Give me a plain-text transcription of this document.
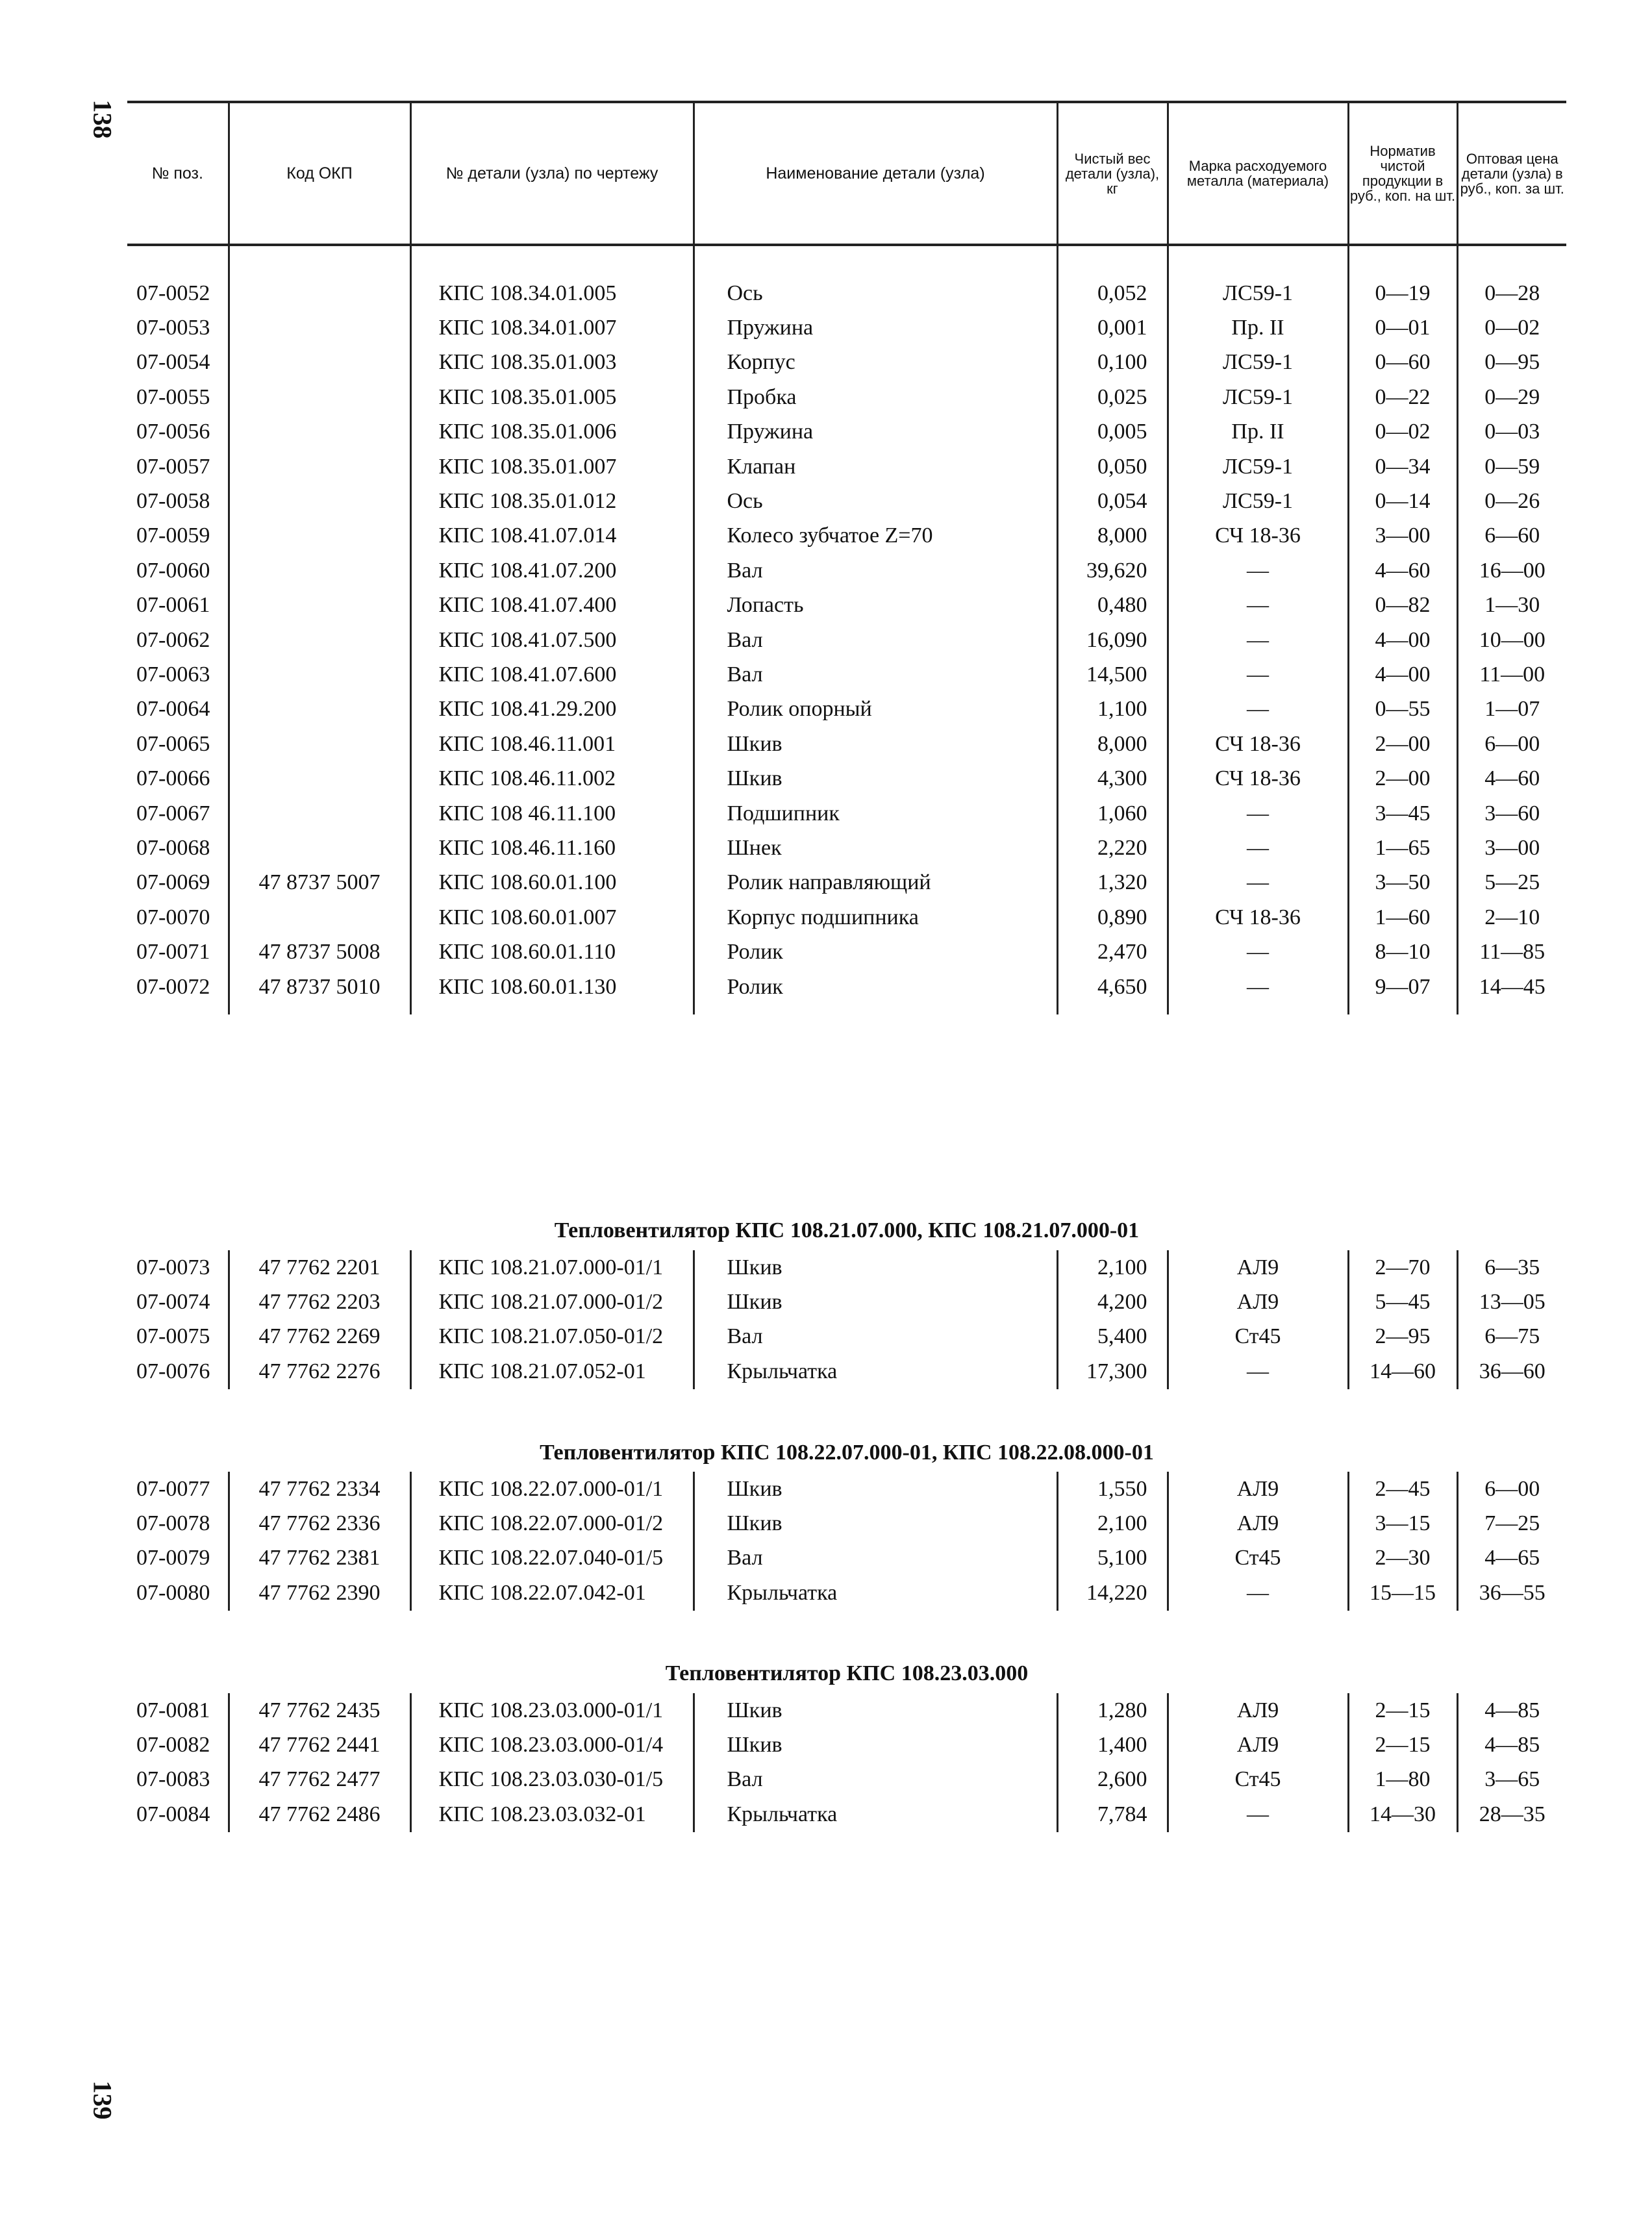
138
139
№ поз.	Код ОКП	№ детали (узла) по чертежу	Наименование детали (узла)	Чистый вес детали (узла), кг	Марка расходуемого металла (материала)	Норматив чистой продукции в руб., коп. на шт.	Оптовая цена детали (узла) в руб., коп. за шт.

07-0052		КПС 108.34.01.005	Ось	0,052	ЛС59-1	0—19	0—28
07-0053		КПС 108.34.01.007	Пружина	0,001	Пр. II	0—01	0—02
07-0054		КПС 108.35.01.003	Корпус	0,100	ЛС59-1	0—60	0—95
07-0055		КПС 108.35.01.005	Пробка	0,025	ЛС59-1	0—22	0—29
07-0056		КПС 108.35.01.006	Пружина	0,005	Пр. II	0—02	0—03
07-0057		КПС 108.35.01.007	Клапан	0,050	ЛС59-1	0—34	0—59
07-0058		КПС 108.35.01.012	Ось	0,054	ЛС59-1	0—14	0—26
07-0059		КПС 108.41.07.014	Колесо зубчатое Z=70	8,000	СЧ 18-36	3—00	6—60
07-0060		КПС 108.41.07.200	Вал	39,620	—	4—60	16—00
07-0061		КПС 108.41.07.400	Лопасть	0,480	—	0—82	1—30
07-0062		КПС 108.41.07.500	Вал	16,090	—	4—00	10—00
07-0063		КПС 108.41.07.600	Вал	14,500	—	4—00	11—00
07-0064		КПС 108.41.29.200	Ролик опорный	1,100	—	0—55	1—07
07-0065		КПС 108.46.11.001	Шкив	8,000	СЧ 18-36	2—00	6—00
07-0066		КПС 108.46.11.002	Шкив	4,300	СЧ 18-36	2—00	4—60
07-0067		КПС 108 46.11.100	Подшипник	1,060	—	3—45	3—60
07-0068		КПС 108.46.11.160	Шнек	2,220	—	1—65	3—00
07-0069	47 8737 5007	КПС 108.60.01.100	Ролик направляющий	1,320	—	3—50	5—25
07-0070		КПС 108.60.01.007	Корпус подшипника	0,890	СЧ 18-36	1—60	2—10
07-0071	47 8737 5008	КПС 108.60.01.110	Ролик	2,470	—	8—10	11—85
07-0072	47 8737 5010	КПС 108.60.01.130	Ролик	4,650	—	9—07	14—45

Тепловентилятор КПС 108.21.07.000, КПС 108.21.07.000-01
07-0073	47 7762 2201	КПС 108.21.07.000-01/1	Шкив	2,100	АЛ9	2—70	6—35
07-0074	47 7762 2203	КПС 108.21.07.000-01/2	Шкив	4,200	АЛ9	5—45	13—05
07-0075	47 7762 2269	КПС 108.21.07.050-01/2	Вал	5,400	Ст45	2—95	6—75
07-0076	47 7762 2276	КПС 108.21.07.052-01	Крыльчатка	17,300	—	14—60	36—60
Тепловентилятор КПС 108.22.07.000-01, КПС 108.22.08.000-01
07-0077	47 7762 2334	КПС 108.22.07.000-01/1	Шкив	1,550	АЛ9	2—45	6—00
07-0078	47 7762 2336	КПС 108.22.07.000-01/2	Шкив	2,100	АЛ9	3—15	7—25
07-0079	47 7762 2381	КПС 108.22.07.040-01/5	Вал	5,100	Ст45	2—30	4—65
07-0080	47 7762 2390	КПС 108.22.07.042-01	Крыльчатка	14,220	—	15—15	36—55
Тепловентилятор КПС 108.23.03.000
07-0081	47 7762 2435	КПС 108.23.03.000-01/1	Шкив	1,280	АЛ9	2—15	4—85
07-0082	47 7762 2441	КПС 108.23.03.000-01/4	Шкив	1,400	АЛ9	2—15	4—85
07-0083	47 7762 2477	КПС 108.23.03.030-01/5	Вал	2,600	Ст45	1—80	3—65
07-0084	47 7762 2486	КПС 108.23.03.032-01	Крыльчатка	7,784	—	14—30	28—35
